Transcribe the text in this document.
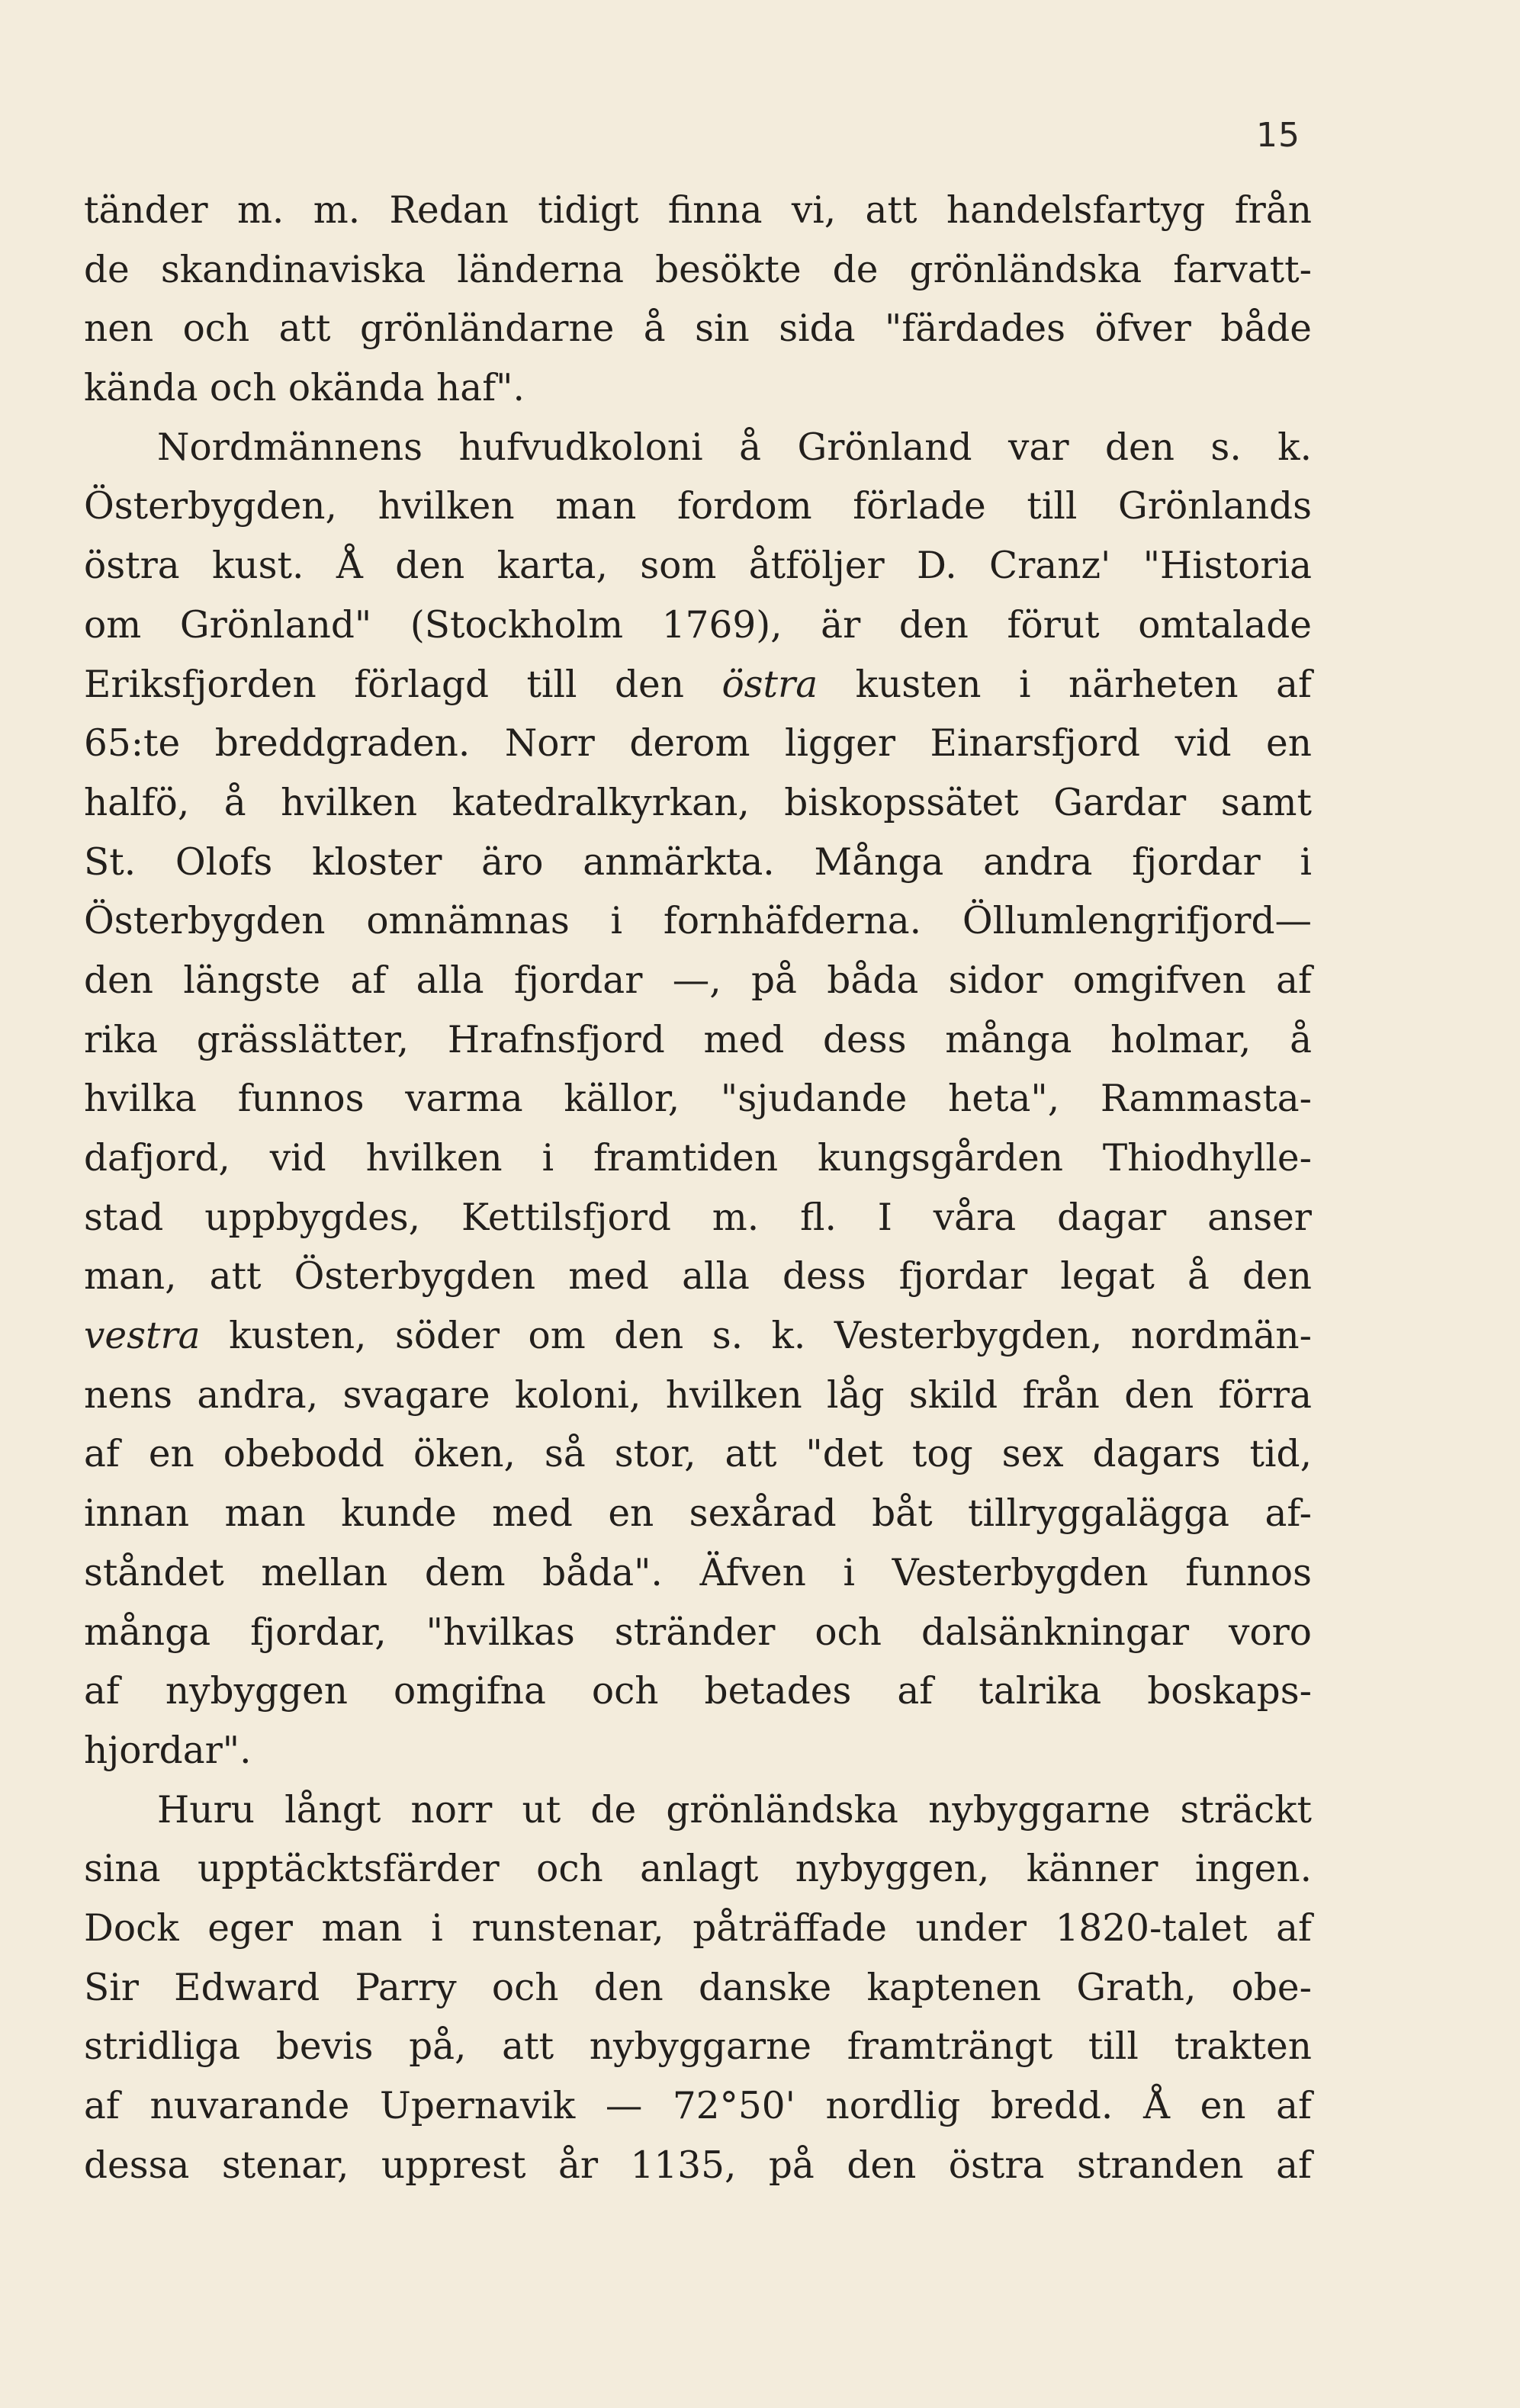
15
tänder m. m. Redan tidigt finna vi, att handelsfartyg från
de skandinaviska länderna besökte de grönländska farvatt-
nen och att grönländarne å sin sida "färdades öfver både
kända och okända haf".
Nordmännens hufvudkoloni å Grönland var den s. k.
Österbygden, hvilken man fordom förlade till Grönlands
östra kust. Å den karta, som åtföljer D. Cranz' "Historia
om Grönland" (Stockholm 1769), är den förut omtalade
Eriksfjorden förlagd till den östra kusten i närheten af
65:te breddgraden. Norr derom ligger Einarsfjord vid en
halfö, å hvilken katedralkyrkan, biskopssätet Gardar samt
St. Olofs kloster äro anmärkta. Många andra fjordar i
Österbygden omnämnas i fornhäfderna. Öllumlengrifjord—
den längste af alla fjordar —, på båda sidor omgifven af
rika grässlätter, Hrafnsfjord med dess många holmar, å
hvilka funnos varma källor, "sjudande heta", Rammasta-
dafjord, vid hvilken i framtiden kungsgården Thiodhylle-
stad uppbygdes, Kettilsfjord m. fl. I våra dagar anser
man, att Österbygden med alla dess fjordar legat å den
vestra kusten, söder om den s. k. Vesterbygden, nordmän-
nens andra, svagare koloni, hvilken låg skild från den förra
af en obebodd öken, så stor, att "det tog sex dagars tid,
innan man kunde med en sexårad båt tillryggalägga af-
ståndet mellan dem båda". Äfven i Vesterbygden funnos
många fjordar, "hvilkas stränder och dalsänkningar voro
af nybyggen omgifna och betades af talrika boskaps-
hjordar".
Huru långt norr ut de grönländska nybyggarne sträckt
sina upptäcktsfärder och anlagt nybyggen, känner ingen.
Dock eger man i runstenar, påträffade under 1820-talet af
Sir Edward Parry och den danske kaptenen Grath, obe-
stridliga bevis på, att nybyggarne framträngt till trakten
af nuvarande Upernavik — 72°50' nordlig bredd. Å en af
dessa stenar, upprest år 1135, på den östra stranden af
